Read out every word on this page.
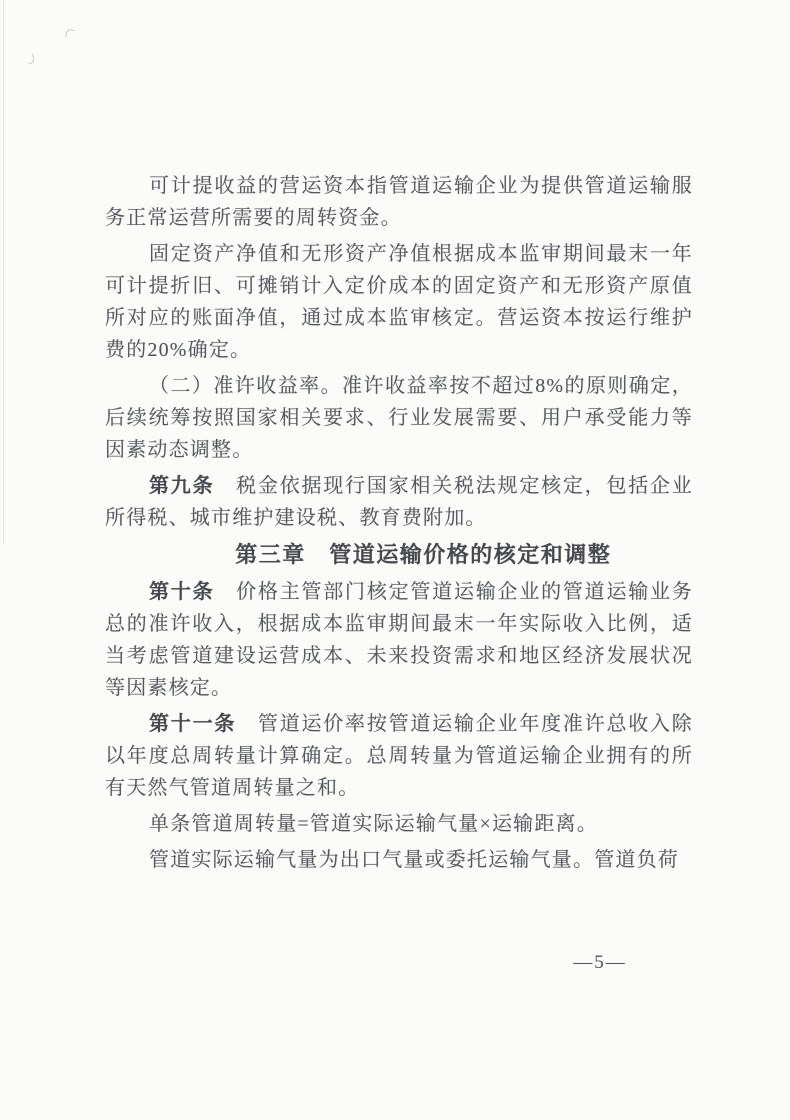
可计提收益的营运资本指管道运输企业为提供管道运输服务正常运营所需要的周转资金。

固定资产净值和无形资产净值根据成本监审期间最末一年可计提折旧、可摊销计入定价成本的固定资产和无形资产原值所对应的账面净值，通过成本监审核定。营运资本按运行维护费的20%确定。

（二）准许收益率。准许收益率按不超过8%的原则确定，后续统筹按照国家相关要求、行业发展需要、用户承受能力等因素动态调整。

第九条　税金依据现行国家相关税法规定核定，包括企业所得税、城市维护建设税、教育费附加。

第三章　管道运输价格的核定和调整

第十条　价格主管部门核定管道运输企业的管道运输业务总的准许收入，根据成本监审期间最末一年实际收入比例，适当考虑管道建设运营成本、未来投资需求和地区经济发展状况等因素核定。

第十一条　管道运价率按管道运输企业年度准许总收入除以年度总周转量计算确定。总周转量为管道运输企业拥有的所有天然气管道周转量之和。

单条管道周转量=管道实际运输气量×运输距离。

管道实际运输气量为出口气量或委托运输气量。管道负荷

—5—
